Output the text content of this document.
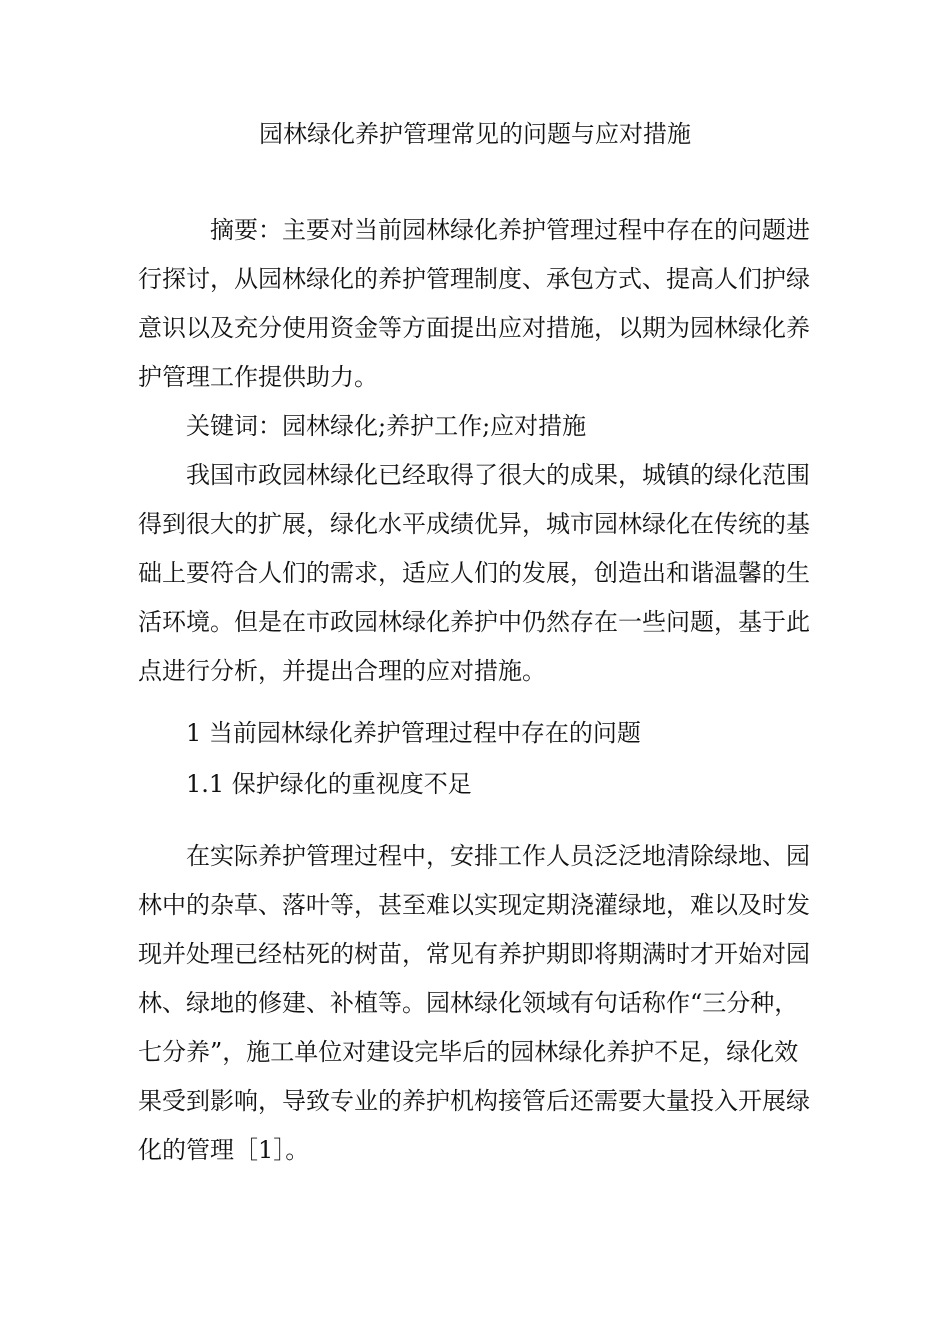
园林绿化养护管理常见的问题与应对措施
摘要：主要对当前园林绿化养护管理过程中存在的问题进
行探讨，从园林绿化的养护管理制度、承包方式、提高人们护绿
意识以及充分使用资金等方面提出应对措施，以期为园林绿化养
护管理工作提供助力。
关键词：园林绿化;养护工作;应对措施
我国市政园林绿化已经取得了很大的成果，城镇的绿化范围
得到很大的扩展，绿化水平成绩优异，城市园林绿化在传统的基
础上要符合人们的需求，适应人们的发展，创造出和谐温馨的生
活环境。但是在市政园林绿化养护中仍然存在一些问题，基于此
点进行分析，并提出合理的应对措施。
1 当前园林绿化养护管理过程中存在的问题
1.1 保护绿化的重视度不足
在实际养护管理过程中，安排工作人员泛泛地清除绿地、园
林中的杂草、落叶等，甚至难以实现定期浇灌绿地，难以及时发
现并处理已经枯死的树苗，常见有养护期即将期满时才开始对园
林、绿地的修建、补植等。园林绿化领域有句话称作“三分种，
七分养”，施工单位对建设完毕后的园林绿化养护不足，绿化效
果受到影响，导致专业的养护机构接管后还需要大量投入开展绿
化的管理［1］。
